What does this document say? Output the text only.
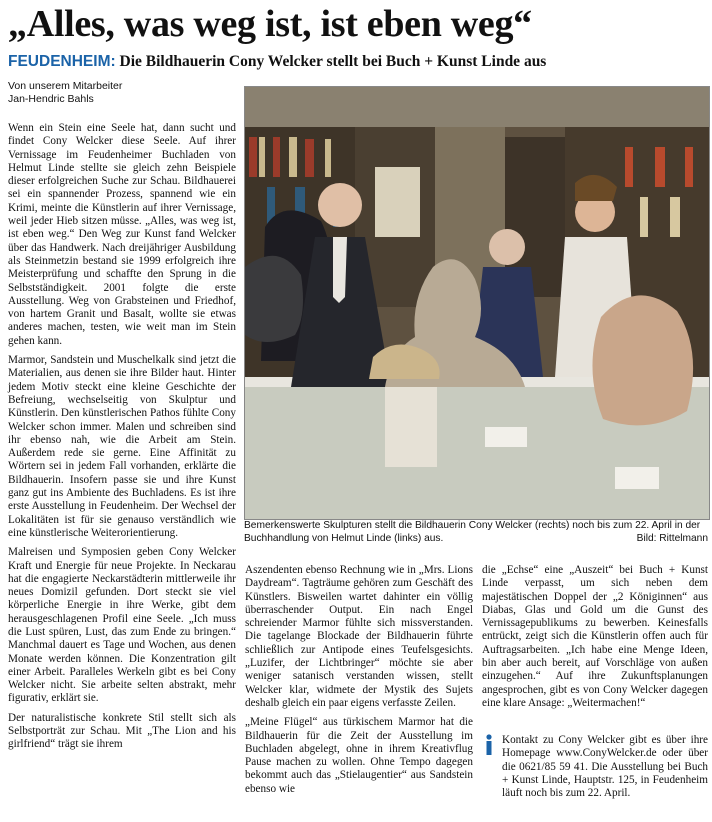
„Alles, was weg ist, ist eben weg“
FEUDENHEIM: Die Bildhauerin Cony Welcker stellt bei Buch + Kunst Linde aus
Von unserem Mitarbeiter
Jan-Hendric Bahls

Wenn ein Stein eine Seele hat, dann sucht und findet Cony Welcker diese Seele. Auf ihrer Vernissage im Feudenheimer Buchladen von Helmut Linde stellte sie gleich zehn Beispiele dieser erfolgreichen Suche zur Schau. Bildhauerei sei ein spannender Prozess, spannend wie ein Krimi, meinte die Künstlerin auf ihrer Vernissage, weil jeder Hieb sitzen müsse. „Alles, was weg ist, ist eben weg.“ Den Weg zur Kunst fand Welcker über das Handwerk. Nach dreijähriger Ausbildung als Steinmetzin bestand sie 1999 erfolgreich ihre Meisterprüfung und schaffte den Sprung in die Selbstständigkeit. 2001 folgte die erste Ausstellung. Weg von Grabsteinen und Friedhof, von hartem Granit und Basalt, wollte sie etwas anderes machen, testen, wie weit man im Stein gehen kann.

Marmor, Sandstein und Muschelkalk sind jetzt die Materialien, aus denen sie ihre Bilder haut. Hinter jedem Motiv steckt eine kleine Geschichte der Befreiung, wechselseitig von Skulptur und Künstlerin. Den künstlerischen Pathos fühlte Cony Welcker schon immer. Malen und schreiben sind ihr ebenso nah, wie die Arbeit am Stein. Außerdem rede sie gerne. Eine Affinität zu Wörtern sei in jedem Fall vorhanden, erklärte die Bildhauerin. Insofern passe sie und ihre Kunst ganz gut ins Ambiente des Buchladens. Es ist ihre erste Ausstellung in Feudenheim. Der Wechsel der Lokalitäten ist für sie genauso verständlich wie eine künstlerische Weiterorientierung.

Malreisen und Symposien geben Cony Welcker Kraft und Energie für neue Projekte. In Neckarau hat die engagierte Neckarstädterin mittlerweile ihr neues Domizil gefunden. Dort steckt sie viel körperliche Energie in ihre Werke, gibt dem herausgeschlagenen Profil eine Seele. „Ich muss die Lust spüren, Lust, das zum Ende zu bringen.“ Manchmal dauert es Tage und Wochen, aus denen Monate werden können. Die Konzentration gilt einer Arbeit. Paralleles Werkeln gibt es bei Cony Welcker nicht. Sie arbeite selten abstrakt, mehr figurativ, erklärt sie.

Der naturalistische konkrete Stil stellt sich als Selbstporträt zur Schau. Mit „The Lion and his girlfriend“ trägt sie ihrem

Bemerkenswerte Skulpturen stellt die Bildhauerin Cony Welcker (rechts) noch bis zum 22. April in der Buchhandlung von Helmut Linde (links) aus.	Bild: Rittelmann

Aszendenten ebenso Rechnung wie in „Mrs. Lions Daydream“. Tagträume gehören zum Geschäft des Künstlers. Bisweilen wartet dahinter ein völlig überraschender Output. Ein nach Engel schreiender Marmor fühlte sich missverstanden. Die tagelange Blockade der Bildhauerin führte schließlich zur Antipode eines Teufelsgesichts. „Luzifer, der Lichtbringer“ möchte sie aber weniger satanisch verstanden wissen, stellt Welcker klar, widmete der Mystik des Sujets deshalb gleich ein paar eigens verfasste Zeilen.

„Meine Flügel“ aus türkischem Marmor hat die Bildhauerin für die Zeit der Ausstellung im Buchladen abgelegt, ohne in ihrem Kreativflug Pause machen zu wollen. Ohne Tempo dagegen bekommt auch das „Stielaugentier“ aus Sandstein ebenso wie

die „Echse“ eine „Auszeit“ bei Buch + Kunst Linde verpasst, um sich neben dem majestätischen Doppel der „2 Königinnen“ aus Diabas, Glas und Gold um die Gunst des Vernissagepublikums zu bewerben. Keinesfalls entrückt, zeigt sich die Künstlerin offen auch für Auftragsarbeiten. „Ich habe eine Menge Ideen, bin aber auch bereit, auf Vorschläge von außen einzugehen.“ Auf ihre Zukunftsplanungen angesprochen, gibt es von Cony Welcker dagegen eine klare Ansage: „Weitermachen!“

Kontakt zu Cony Welcker gibt es über ihre Homepage www.ConyWelcker.de oder über die 0621/85 59 41. Die Ausstellung bei Buch + Kunst Linde, Hauptstr. 125, in Feudenheim läuft noch bis zum 22. April.
